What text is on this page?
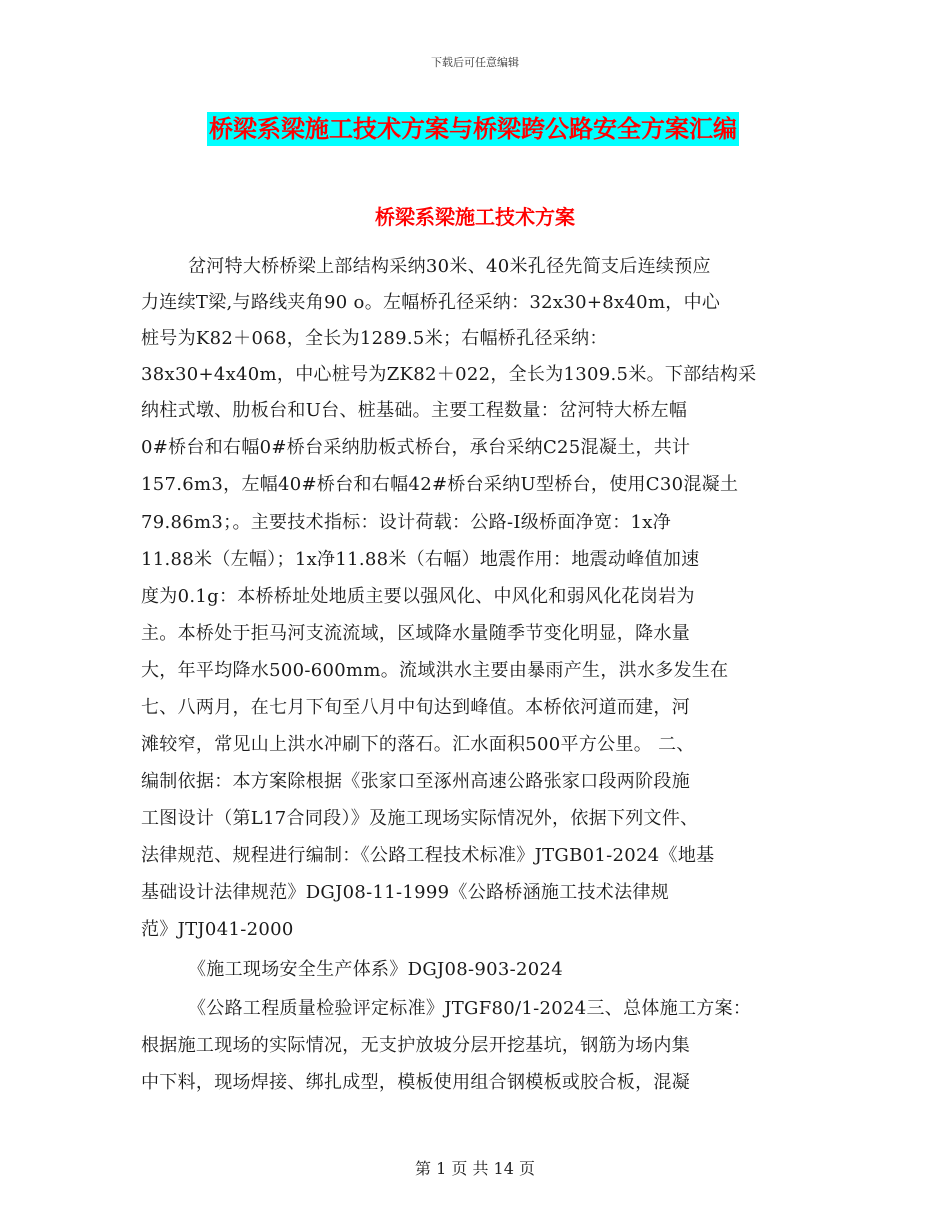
下载后可任意编辑
桥梁系梁施工技术方案与桥梁跨公路安全方案汇编
桥梁系梁施工技术方案
岔河特大桥桥梁上部结构采纳30米、40米孔径先简支后连续预应
力连续T梁,与路线夹角90 o。左幅桥孔径采纳：32x30+8x40m，中心
桩号为K82＋068，全长为1289.5米；右幅桥孔径采纳：
38x30+4x40m，中心桩号为ZK82＋022，全长为1309.5米。下部结构采
纳柱式墩、肋板台和U台、桩基础。主要工程数量：岔河特大桥左幅
0#桥台和右幅0#桥台采纳肋板式桥台，承台采纳C25混凝土，共计
157.6m3，左幅40#桥台和右幅42#桥台采纳U型桥台，使用C30混凝土
79.86m3；。主要技术指标：设计荷载：公路-I级桥面净宽：1x净
11.88米（左幅）；1x净11.88米（右幅）地震作用：地震动峰值加速
度为0.1g：本桥桥址处地质主要以强风化、中风化和弱风化花岗岩为
主。本桥处于拒马河支流流域，区域降水量随季节变化明显，降水量
大，年平均降水500-600mm。流域洪水主要由暴雨产生，洪水多发生在
七、八两月，在七月下旬至八月中旬达到峰值。本桥依河道而建，河
滩较窄，常见山上洪水冲刷下的落石。汇水面积500平方公里。 二、
编制依据：本方案除根据《张家口至涿州高速公路张家口段两阶段施
工图设计（第L17合同段）》及施工现场实际情况外，依据下列文件、
法律规范、规程进行编制：《公路工程技术标准》JTGB01-2024《地基
基础设计法律规范》DGJ08-11-1999《公路桥涵施工技术法律规
范》JTJ041-2000
《施工现场安全生产体系》DGJ08-903-2024
《公路工程质量检验评定标准》JTGF80/1-2024三、总体施工方案：
根据施工现场的实际情况，无支护放坡分层开挖基坑，钢筋为场内集
中下料，现场焊接、绑扎成型，模板使用组合钢模板或胶合板，混凝
第 1 页 共 14 页
